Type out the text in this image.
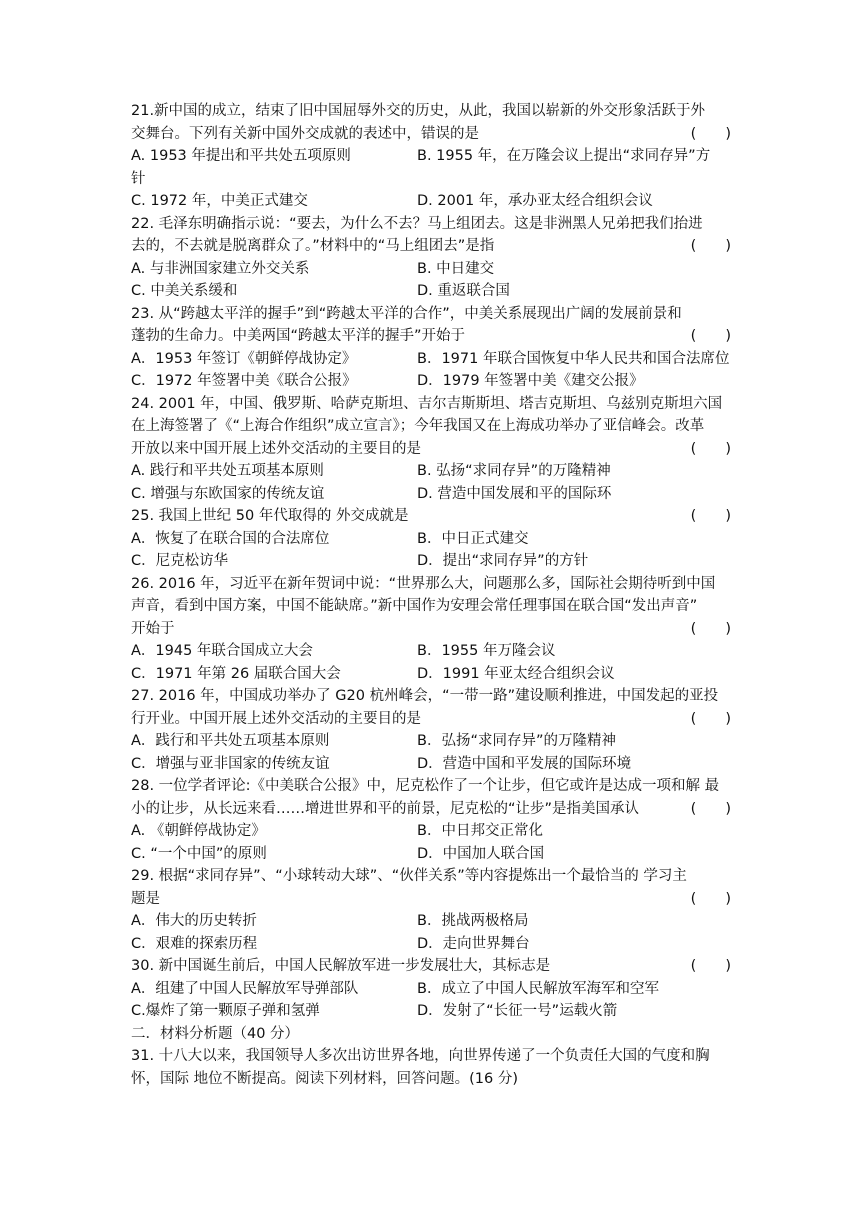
21.新中国的成立，结束了旧中国屈辱外交的历史，从此，我国以崭新的外交形象活跃于外
交舞台。下列有关新中国外交成就的表述中，错误的是	(　　)
A. 1953 年提出和平共处五项原则	B. 1955 年，在万隆会议上提出“求同存异”方
针
C. 1972 年，中美正式建交	D. 2001 年，承办亚太经合组织会议
22. 毛泽东明确指示说：“要去，为什么不去？马上组团去。这是非洲黑人兄弟把我们抬进
去的，不去就是脱离群众了。”材料中的“马上组团去”是指	(　　)
A. 与非洲国家建立外交关系	B. 中日建交
C. 中美关系缓和	D. 重返联合国
23. 从“跨越太平洋的握手”到“跨越太平洋的合作”，中美关系展现出广阔的发展前景和
蓬勃的生命力。中美两国“跨越太平洋的握手”开始于	(　　)
A．1953 年签订《朝鲜停战协定》	B．1971 年联合国恢复中华人民共和国合法席位
C．1972 年签署中美《联合公报》	D．1979 年签署中美《建交公报》
24. 2001 年，中国、俄罗斯、哈萨克斯坦、吉尔吉斯斯坦、塔吉克斯坦、乌兹别克斯坦六国
在上海签署了《“上海合作组织”成立宣言》；今年我国又在上海成功举办了亚信峰会。改革
开放以来中国开展上述外交活动的主要目的是	(　　)
A. 践行和平共处五项基本原则	B. 弘扬“求同存异”的万隆精神
C. 增强与东欧国家的传统友谊	D. 营造中国发展和平的国际环
25. 我国上世纪 50 年代取得的 外交成就是	(　　)
A．恢复了在联合国的合法席位	B．中日正式建交
C．尼克松访华	D．提出“求同存异”的方针
26. 2016 年，习近平在新年贺词中说：“世界那么大，问题那么多，国际社会期待听到中国
声音，看到中国方案，中国不能缺席。”新中国作为安理会常任理事国在联合国“发出声音”
开始于	(　　)
A．1945 年联合国成立大会	B．1955 年万隆会议
C．1971 年第 26 届联合国大会	D．1991 年亚太经合组织会议
27. 2016 年，中国成功举办了 G20 杭州峰会，“一带一路”建设顺利推进，中国发起的亚投
行开业。中国开展上述外交活动的主要目的是	(　　)
A．践行和平共处五项基本原则	B．弘扬“求同存异”的万隆精神
C．增强与亚非国家的传统友谊	D．营造中国和平发展的国际环境
28. 一位学者评论:《中美联合公报》中，尼克松作了一个让步，但它或许是达成一项和解 最
小的让步，从长远来看……增进世界和平的前景，尼克松的“让步”是指美国承认	(　　)
A. 《朝鲜停战协定》	B．中日邦交正常化
C. “一个中国”的原则	D．中国加人联合国
29. 根据“求同存异”、“小球转动大球”、“伙伴关系”等内容提炼出一个最恰当的 学习主
题是	(　　)
A．伟大的历史转折	B．挑战两极格局
C．艰难的探索历程	D．走向世界舞台
30. 新中国诞生前后，中国人民解放军进一步发展壮大，其标志是	(　　)
A．组建了中国人民解放军导弹部队	B．成立了中国人民解放军海军和空军
C.爆炸了第一颗原子弹和氢弹	D．发射了“长征一号”运载火箭
二．材料分析题（40 分）
31. 十八大以来，我国领导人多次出访世界各地，向世界传递了一个负责任大国的气度和胸
怀，国际 地位不断提高。阅读下列材料，回答问题。(16 分)
